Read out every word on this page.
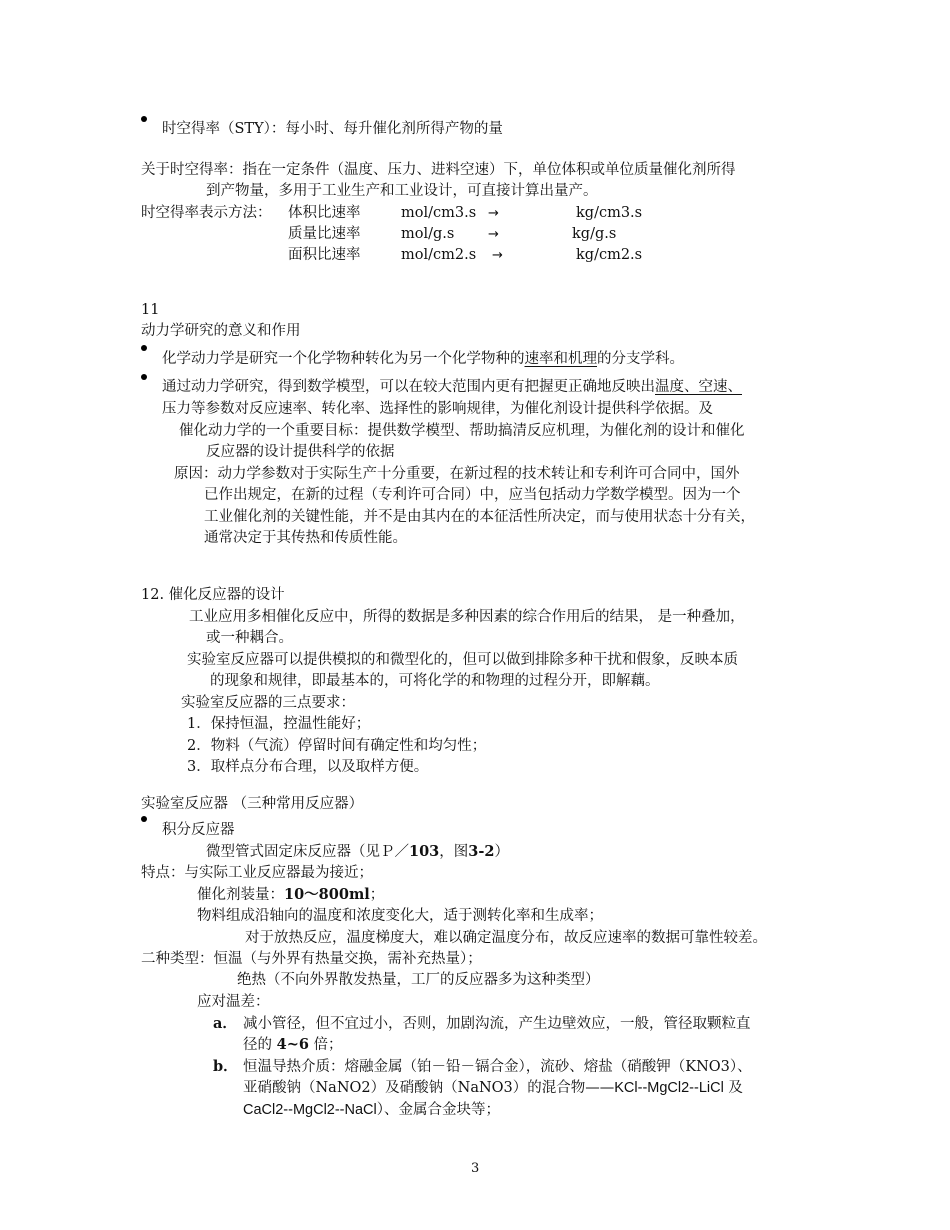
时空得率（STY）：每小时、每升催化剂所得产物的量
关于时空得率：指在一定条件（温度、压力、进料空速）下，单位体积或单位质量催化剂所得
到产物量，多用于工业生产和工业设计，可直接计算出量产。
时空得率表示方法： 体积比速率	mol/cm3.s →	kg/cm3.s
质量比速率	mol/g.s	→	kg/g.s
面积比速率	mol/cm2.s →	kg/cm2.s
11
动力学研究的意义和作用
化学动力学是研究一个化学物种转化为另一个化学物种的速率和机理的分支学科。
通过动力学研究，得到数学模型，可以在较大范围内更有把握更正确地反映出温度、空速、
压力等参数对反应速率、转化率、选择性的影响规律，为催化剂设计提供科学依据。及
催化动力学的一个重要目标：提供数学模型、帮助搞清反应机理，为催化剂的设计和催化
反应器的设计提供科学的依据
原因：动力学参数对于实际生产十分重要，在新过程的技术转让和专利许可合同中，国外
已作出规定，在新的过程（专利许可合同）中，应当包括动力学数学模型。因为一个
工业催化剂的关键性能，并不是由其内在的本征活性所决定，而与使用状态十分有关，
通常决定于其传热和传质性能。
12. 催化反应器的设计
工业应用多相催化反应中，所得的数据是多种因素的综合作用后的结果， 是一种叠加，
或一种耦合。
实验室反应器可以提供模拟的和微型化的，但可以做到排除多种干扰和假象，反映本质
的现象和规律，即最基本的，可将化学的和物理的过程分开，即解藕。
实验室反应器的三点要求：
1．保持恒温，控温性能好；
2．物料（气流）停留时间有确定性和均匀性；
3．取样点分布合理，以及取样方便。
实验室反应器 （三种常用反应器）
积分反应器
微型管式固定床反应器（见Ｐ／103，图3-2）
特点：与实际工业反应器最为接近；
催化剂装量：10～800ml；
物料组成沿轴向的温度和浓度变化大，适于测转化率和生成率；
对于放热反应，温度梯度大，难以确定温度分布，故反应速率的数据可靠性较差。
二种类型：恒温（与外界有热量交换，需补充热量）；
绝热（不向外界散发热量，工厂的反应器多为这种类型）
应对温差：
a． 减小管径，但不宜过小，否则，加剧沟流，产生边壁效应，一般，管径取颗粒直
径的 4~6 倍；
b． 恒温导热介质：熔融金属（铂－铅－镉合金），流砂、熔盐（硝酸钾（KNO3）、
亚硝酸钠（NaNO2）及硝酸钠（NaNO3）的混合物——KCl--MgCl2--LiCl 及
CaCl2--MgCl2--NaCl）、金属合金块等；
3
